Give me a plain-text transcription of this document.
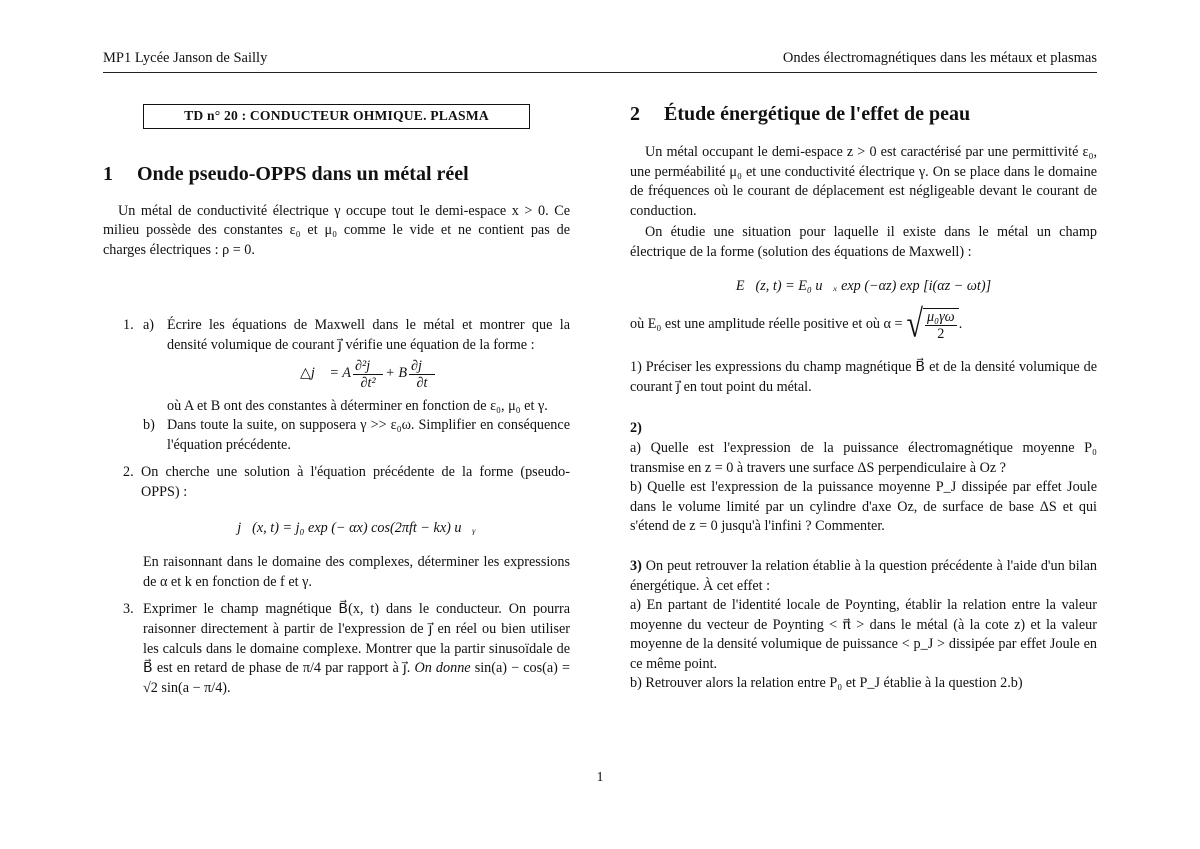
MP1 Lycée Janson de Sailly	Ondes électromagnétiques dans les métaux et plasmas
TD n° 20 : CONDUCTEUR OHMIQUE. PLASMA
1 Onde pseudo-OPPS dans un métal réel

Un métal de conductivité électrique γ occupe tout le demi-espace x > 0. Ce milieu possède des constantes ε₀ et μ₀ comme le vide et ne contient pas de charges électriques : ρ = 0.

1. a) Écrire les équations de Maxwell dans le métal et montrer que la densité volumique de courant j⃗ vérifie une équation de la forme :

△j⃗ = A $\frac{\text{∂²j⃗}}{\text{∂t²}} + B \frac{\partial j⃗}{\partial t}$

où A et B ont des constantes à déterminer en fonction de ε₀, μ₀ et γ.

b) Dans toute la suite, on supposera γ >> ε₀ω. Simplifier en conséquence l'équation précédente.

2. On cherche une solution à l'équation précédente de la forme (pseudo-OPPS) :

j⃗(x, t) = j₀ exp (− αx) cos(2πft − kx) u⃗ᵧ

En raisonnant dans le domaine des complexes, déterminer les expressions de α et k en fonction de f et γ.

3. Exprimer le champ magnétique B⃗(x, t) dans le conducteur. On pourra raisonner directement à partir de l'expression de j⃗ en réel ou bien utiliser les calculs dans le domaine complexe. Montrer que la partir sinusoïdale de B⃗ est en retard de phase de π/4 par rapport à j⃗. On donne sin(a) − cos(a) = √2 sin(a − π/4).

2 Étude énergétique de l'effet de peau

Un métal occupant le demi-espace z > 0 est caractérisé par une permittivité ε₀, une perméabilité μ₀ et une conductivité électrique γ. On se place dans le domaine de fréquences où le courant de déplacement est négligeable devant le courant de conduction.

On étudie une situation pour laquelle il existe dans le métal un champ électrique de la forme (solution des équations de Maxwell) :

E⃗(z, t) = E₀ u⃗ₓ exp (−αz) exp [i(αz − ωt)]

où E₀ est une amplitude réelle positive et où α = √ $\frac{\text{μ₀γω}}{2}$ .

1) Préciser les expressions du champ magnétique B⃗ et de la densité volumique de courant j⃗ en tout point du métal.

2)

a) Quelle est l'expression de la puissance électromagnétique moyenne P₀ transmise en z = 0 à travers une surface ΔS perpendiculaire à Oz ?

b) Quelle est l'expression de la puissance moyenne P_J dissipée par effet Joule dans le volume limité par un cylindre d'axe Oz, de surface de base ΔS et qui s'étend de z = 0 jusqu'à l'infini ? Commenter.

3) On peut retrouver la relation établie à la question précédente à l'aide d'un bilan énergétique. À cet effet :

a) En partant de l'identité locale de Poynting, établir la relation entre la valeur moyenne du vecteur de Poynting < π⃗ > dans le métal (à la cote z) et la valeur moyenne de la densité volumique de puissance < p_J > dissipée par effet Joule en ce même point.

b) Retrouver alors la relation entre P₀ et P_J établie à la question 2.b)

1
